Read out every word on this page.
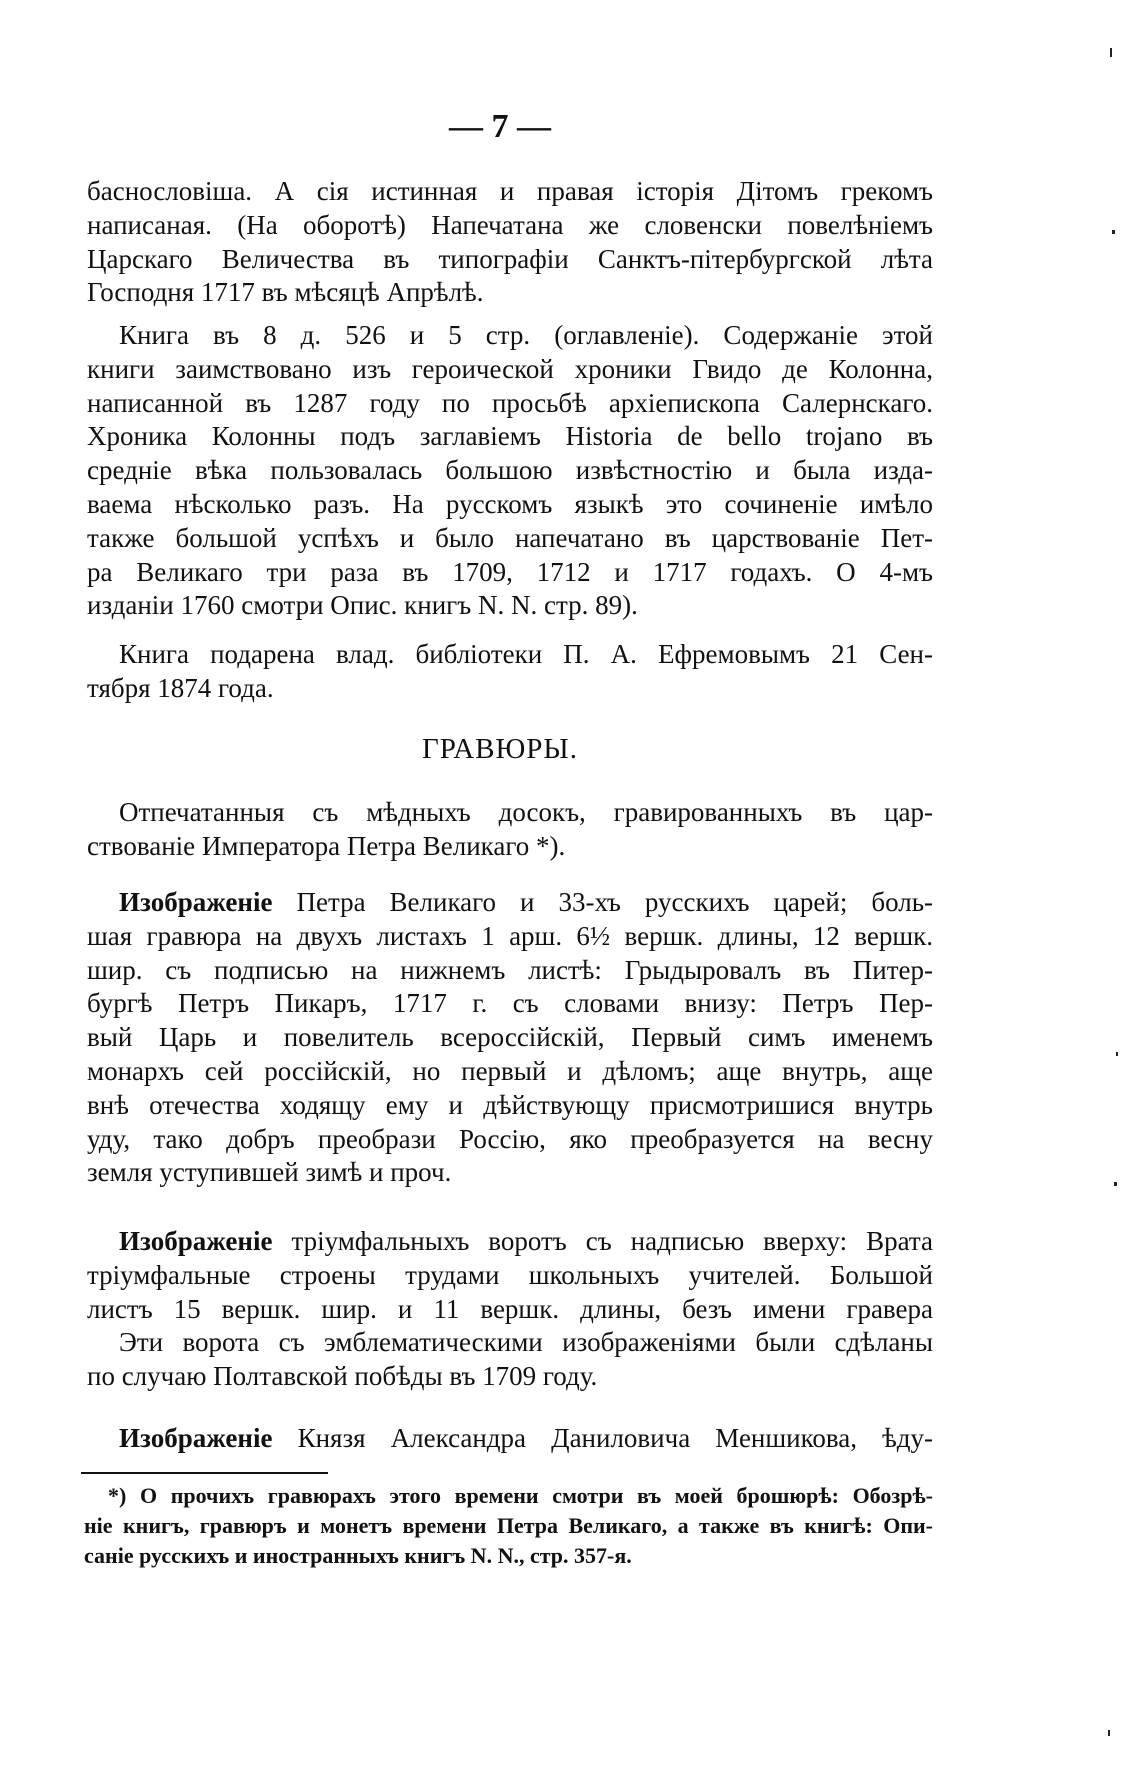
— 7 —
баснословіша. А сія истинная и правая історія Дітомъ грекомъ
написаная. (На оборотѣ) Напечатана же словенски повелѣніемъ
Царскаго Величества въ типографіи Санктъ-пітербургской лѣта
Господня 1717 въ мѣсяцѣ Апрѣлѣ.
Книга въ 8 д. 526 и 5 стр. (оглавленіе). Содержаніе этой
книги заимствовано изъ героической хроники Гвидо де Колонна,
написанной въ 1287 году по просьбѣ архіепископа Салернскаго.
Хроника Колонны подъ заглавіемъ Historia de bello trojano въ
средніе вѣка пользовалась большою извѣстностію и была издa-
ваема нѣсколько разъ. На русскомъ языкѣ это сочиненіе имѣло
также большой успѣхъ и было напечатано въ царствованіе Пет-
ра Великаго три раза въ 1709, 1712 и 1717 годахъ. О 4-мъ
изданіи 1760 смотри Опис. книгъ N. N. стр. 89).
Книга подарена влад. библіотеки П. А. Ефремовымъ 21 Сен-
тября 1874 года.
ГРАВЮРЫ.
Отпечатанныя съ мѣдныхъ досокъ, гравированныхъ въ цар-
ствованіе Императора Петра Великаго *).
Изображеніе Петра Великаго и 33-хъ русскихъ царей; боль-
шая гравюра на двухъ листахъ 1 арш. 6½ вершк. длины, 12 вершк.
шир. съ подписью на нижнемъ листѣ: Грыдыровалъ въ Питер-
бургѣ Петръ Пикаръ, 1717 г. съ словами внизу: Петръ Пер-
вый Царь и повелитель всероссійскій, Первый симъ именемъ
монархъ сей россійскій, но первый и дѣломъ; аще внутрь, аще
внѣ отечества ходящу ему и дѣйствующу присмотришися внутрь
уду, тако добръ преобрази Россію, яко преобразуется на весну
земля уступившей зимѣ и проч.
Изображеніе тріумфальныхъ воротъ съ надписью вверху: Врата
тріумфальные строены трудами школьныхъ учителей. Большой
листъ 15 вершк. шир. и 11 вершк. длины, безъ имени гравера
Эти ворота съ эмблематическими изображеніями были сдѣланы
по случаю Полтавской побѣды въ 1709 году.
Изображеніе Князя Александра Даниловича Меншикова, ѣду-
*) О прочихъ гравюрахъ этого времени смотри въ моей брошюрѣ: Обозрѣ-
ніе книгъ, гравюръ и монетъ времени Петра Великаго, а также въ книгѣ: Опи-
саніе русскихъ и иностранныхъ книгъ N. N., стр. 357-я.
